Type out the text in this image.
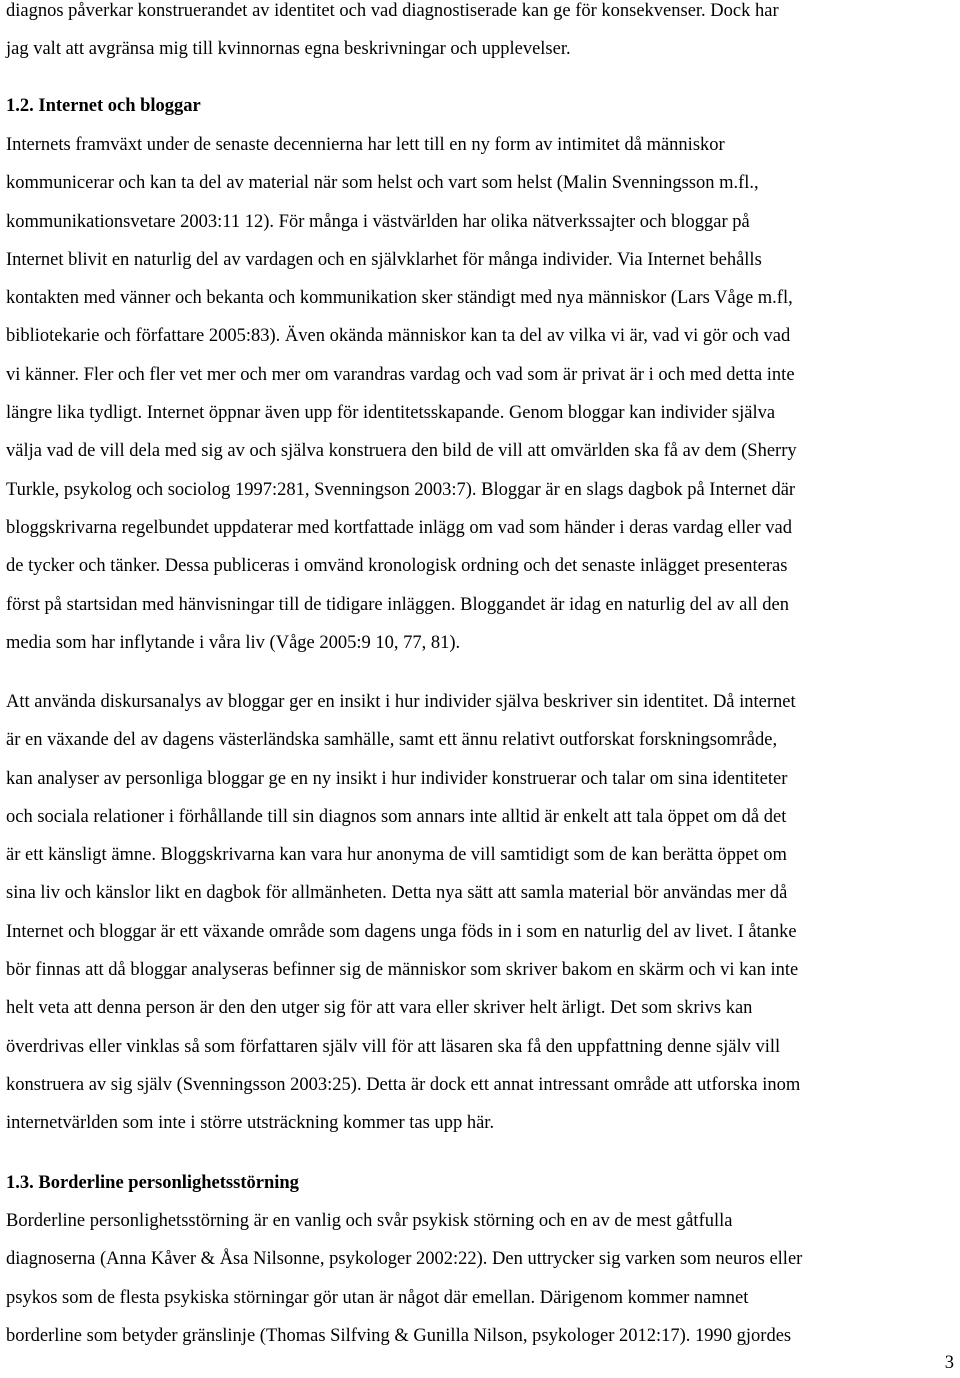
diagnos påverkar konstruerandet av identitet och vad diagnostiserade kan ge för konsekvenser. Dock har
jag valt att avgränsa mig till kvinnornas egna beskrivningar och upplevelser.
1.2. Internet och bloggar
Internets framväxt under de senaste decennierna har lett till en ny form av intimitet då människor
kommunicerar och kan ta del av material när som helst och vart som helst (Malin Svenningsson m.fl.,
kommunikationsvetare 2003:11 12). För många i västvärlden har olika nätverkssajter och bloggar på
Internet blivit en naturlig del av vardagen och en självklarhet för många individer. Via Internet behålls
kontakten med vänner och bekanta och kommunikation sker ständigt med nya människor (Lars Våge m.fl,
bibliotekarie och författare 2005:83). Även okända människor kan ta del av vilka vi är, vad vi gör och vad
vi känner. Fler och fler vet mer och mer om varandras vardag och vad som är privat är i och med detta inte
längre lika tydligt. Internet öppnar även upp för identitetsskapande. Genom bloggar kan individer själva
välja vad de vill dela med sig av och själva konstruera den bild de vill att omvärlden ska få av dem (Sherry
Turkle, psykolog och sociolog 1997:281, Svenningson 2003:7). Bloggar är en slags dagbok på Internet där
bloggskrivarna regelbundet uppdaterar med kortfattade inlägg om vad som händer i deras vardag eller vad
de tycker och tänker. Dessa publiceras i omvänd kronologisk ordning och det senaste inlägget presenteras
först på startsidan med hänvisningar till de tidigare inläggen. Bloggandet är idag en naturlig del av all den
media som har inflytande i våra liv (Våge 2005:9 10, 77, 81).
Att använda diskursanalys av bloggar ger en insikt i hur individer själva beskriver sin identitet. Då internet
är en växande del av dagens västerländska samhälle, samt ett ännu relativt outforskat forskningsområde,
kan analyser av personliga bloggar ge en ny insikt i hur individer konstruerar och talar om sina identiteter
och sociala relationer i förhållande till sin diagnos som annars inte alltid är enkelt att tala öppet om då det
är ett känsligt ämne. Bloggskrivarna kan vara hur anonyma de vill samtidigt som de kan berätta öppet om
sina liv och känslor likt en dagbok för allmänheten. Detta nya sätt att samla material bör användas mer då
Internet och bloggar är ett växande område som dagens unga föds in i som en naturlig del av livet. I åtanke
bör finnas att då bloggar analyseras befinner sig de människor som skriver bakom en skärm och vi kan inte
helt veta att denna person är den den utger sig för att vara eller skriver helt ärligt. Det som skrivs kan
överdrivas eller vinklas så som författaren själv vill för att läsaren ska få den uppfattning denne själv vill
konstruera av sig själv (Svenningsson 2003:25). Detta är dock ett annat intressant område att utforska inom
internetvärlden som inte i större utsträckning kommer tas upp här.
1.3. Borderline personlighetsstörning
Borderline personlighetsstörning är en vanlig och svår psykisk störning och en av de mest gåtfulla
diagnoserna (Anna Kåver & Åsa Nilsonne, psykologer 2002:22). Den uttrycker sig varken som neuros eller
psykos som de flesta psykiska störningar gör utan är något där emellan. Därigenom kommer namnet
borderline som betyder gränslinje (Thomas Silfving & Gunilla Nilson, psykologer 2012:17). 1990 gjordes
3
